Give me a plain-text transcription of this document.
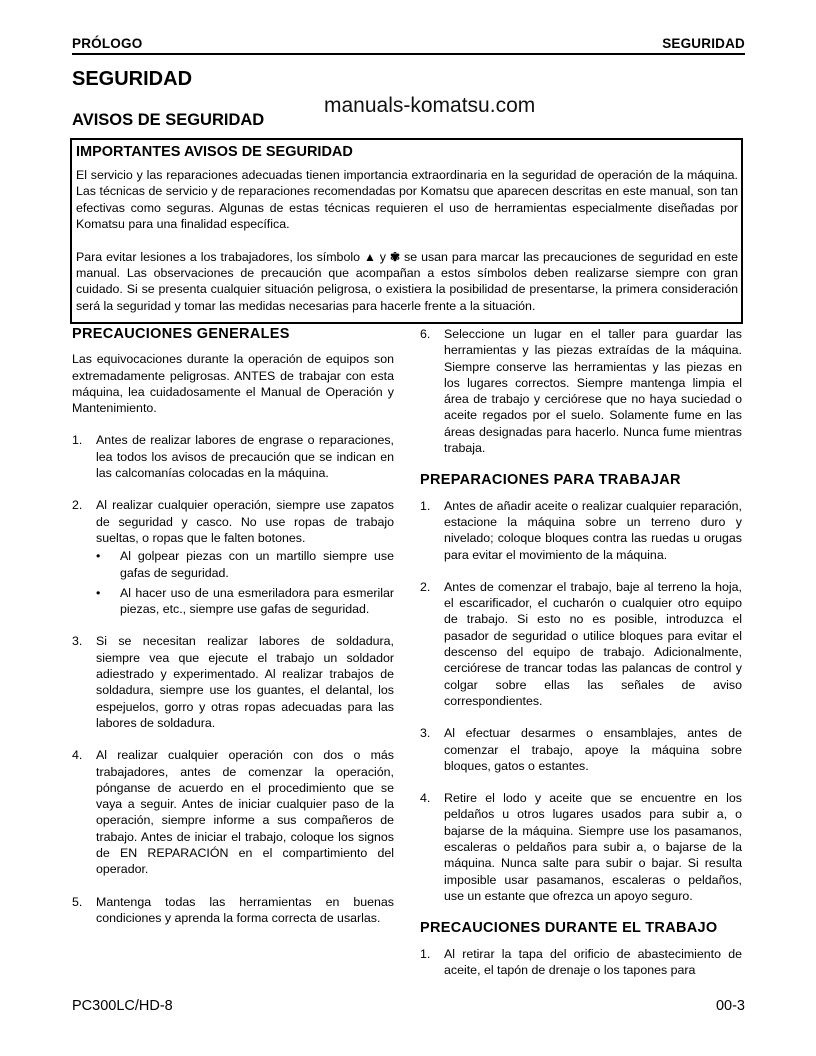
PRÓLOGO	SEGURIDAD
SEGURIDAD
manuals-komatsu.com
AVISOS DE SEGURIDAD
IMPORTANTES AVISOS DE SEGURIDAD

El servicio y las reparaciones adecuadas tienen importancia extraordinaria en la seguridad de operación de la máquina. Las técnicas de servicio y de reparaciones recomendadas por Komatsu que aparecen descritas en este manual, son tan efectivas como seguras. Algunas de estas técnicas requieren el uso de herramientas especialmente diseñadas por Komatsu para una finalidad específica.

Para evitar lesiones a los trabajadores, los símbolo ▲ y ✾ se usan para marcar las precauciones de seguridad en este manual. Las observaciones de precaución que acompañan a estos símbolos deben realizarse siempre con gran cuidado. Si se presenta cualquier situación peligrosa, o existiera la posibilidad de presentarse, la primera consideración será la seguridad y tomar las medidas necesarias para hacerle frente a la situación.

PRECAUCIONES GENERALES

Las equivocaciones durante la operación de equipos son extremadamente peligrosas. ANTES de trabajar con esta máquina, lea cuidadosamente el Manual de Operación y Mantenimiento.

1. Antes de realizar labores de engrase o reparaciones, lea todos los avisos de precaución que se indican en las calcomanías colocadas en la máquina.
2. Al realizar cualquier operación, siempre use zapatos de seguridad y casco. No use ropas de trabajo sueltas, o ropas que le falten botones.
• Al golpear piezas con un martillo siempre use gafas de seguridad.
• Al hacer uso de una esmeriladora para esmerilar piezas, etc., siempre use gafas de seguridad.
3. Si se necesitan realizar labores de soldadura, siempre vea que ejecute el trabajo un soldador adiestrado y experimentado. Al realizar trabajos de soldadura, siempre use los guantes, el delantal, los espejuelos, gorro y otras ropas adecuadas para las labores de soldadura.
4. Al realizar cualquier operación con dos o más trabajadores, antes de comenzar la operación, pónganse de acuerdo en el procedimiento que se vaya a seguir. Antes de iniciar cualquier paso de la operación, siempre informe a sus compañeros de trabajo. Antes de iniciar el trabajo, coloque los signos de EN REPARACIÓN en el compartimiento del operador.
5. Mantenga todas las herramientas en buenas condiciones y aprenda la forma correcta de usarlas.
6. Seleccione un lugar en el taller para guardar las herramientas y las piezas extraídas de la máquina. Siempre conserve las herramientas y las piezas en los lugares correctos. Siempre mantenga limpia el área de trabajo y cerciórese que no haya suciedad o aceite regados por el suelo. Solamente fume en las áreas designadas para hacerlo. Nunca fume mientras trabaja.
PREPARACIONES PARA TRABAJAR
1. Antes de añadir aceite o realizar cualquier reparación, estacione la máquina sobre un terreno duro y nivelado; coloque bloques contra las ruedas u orugas para evitar el movimiento de la máquina.
2. Antes de comenzar el trabajo, baje al terreno la hoja, el escarificador, el cucharón o cualquier otro equipo de trabajo. Si esto no es posible, introduzca el pasador de seguridad o utilice bloques para evitar el descenso del equipo de trabajo. Adicionalmente, cerciórese de trancar todas las palancas de control y colgar sobre ellas las señales de aviso correspondientes.
3. Al efectuar desarmes o ensamblajes, antes de comenzar el trabajo, apoye la máquina sobre bloques, gatos o estantes.
4. Retire el lodo y aceite que se encuentre en los peldaños u otros lugares usados para subir a, o bajarse de la máquina. Siempre use los pasamanos, escaleras o peldaños para subir a, o bajarse de la máquina. Nunca salte para subir o bajar. Si resulta imposible usar pasamanos, escaleras o peldaños, use un estante que ofrezca un apoyo seguro.
PRECAUCIONES DURANTE EL TRABAJO
1. Al retirar la tapa del orificio de abastecimiento de aceite, el tapón de drenaje o los tapones para
PC300LC/HD-8	00-3
